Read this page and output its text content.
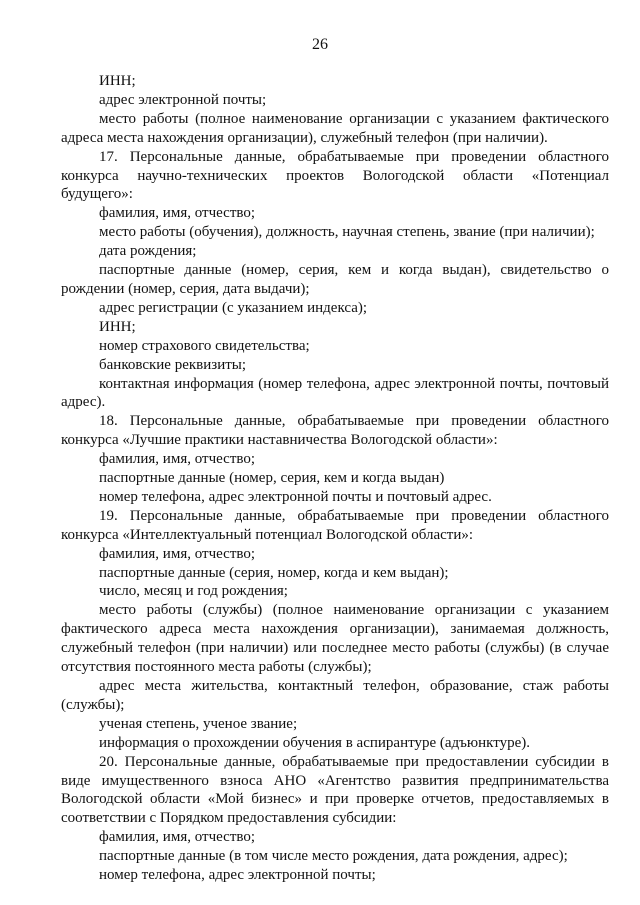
26

ИНН;

адрес электронной почты;

место работы (полное наименование организации с указанием фактического адреса места нахождения организации), служебный телефон (при наличии).

17. Персональные данные, обрабатываемые при проведении областного конкурса научно-технических проектов Вологодской области «Потенциал будущего»:

фамилия, имя, отчество;

место работы (обучения), должность, научная степень, звание (при наличии);

дата рождения;

паспортные данные (номер, серия, кем и когда выдан), свидетельство о рождении (номер, серия, дата выдачи);

адрес регистрации (с указанием индекса);

ИНН;

номер страхового свидетельства;

банковские реквизиты;

контактная информация (номер телефона, адрес электронной почты, почтовый адрес).

18. Персональные данные, обрабатываемые при проведении областного конкурса «Лучшие практики наставничества Вологодской области»:

фамилия, имя, отчество;

паспортные данные (номер, серия, кем и когда выдан)

номер телефона, адрес электронной почты и почтовый адрес.

19. Персональные данные, обрабатываемые при проведении областного конкурса «Интеллектуальный потенциал Вологодской области»:

фамилия, имя, отчество;

паспортные данные (серия, номер, когда и кем выдан);

число, месяц и год рождения;

место работы (службы) (полное наименование организации с указанием фактического адреса места нахождения организации), занимаемая должность, служебный телефон (при наличии) или последнее место работы (службы) (в случае отсутствия постоянного места работы (службы);

адрес места жительства, контактный телефон, образование, стаж работы (службы);

ученая степень, ученое звание;

информация о прохождении обучения в аспирантуре (адъюнктуре).

20. Персональные данные, обрабатываемые при предоставлении субсидии в виде имущественного взноса АНО «Агентство развития предпринимательства Вологодской области «Мой бизнес» и при проверке отчетов, предоставляемых в соответствии с Порядком предоставления субсидии:

фамилия, имя, отчество;

паспортные данные (в том числе место рождения, дата рождения, адрес);

номер телефона, адрес электронной почты;
